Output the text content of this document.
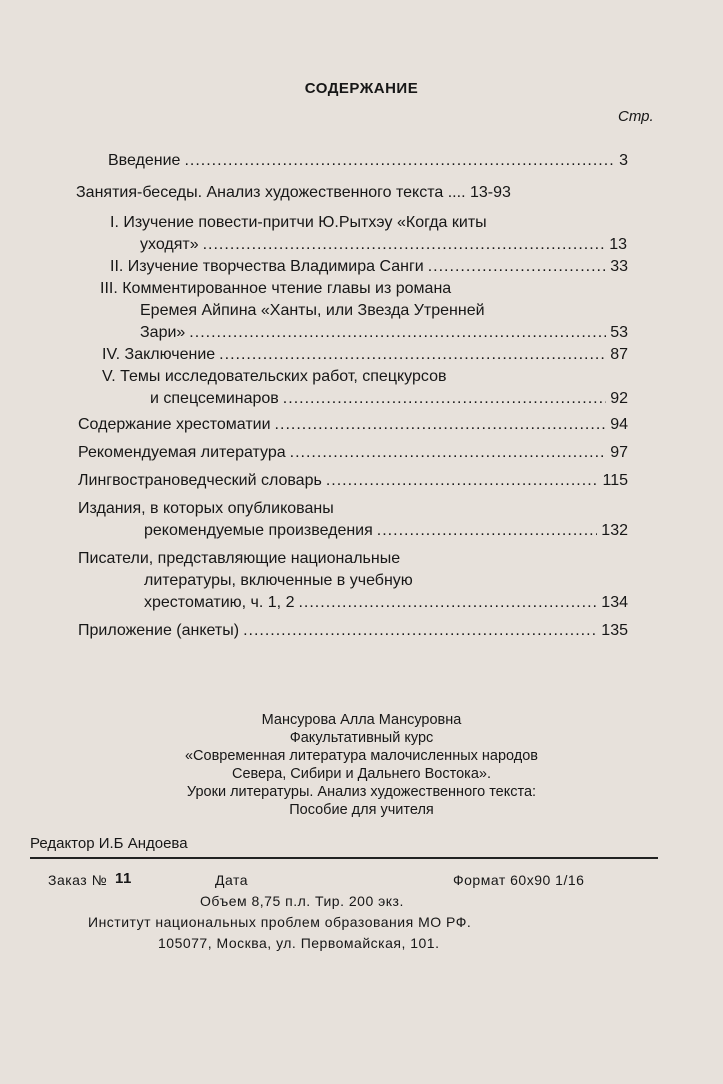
СОДЕРЖАНИЕ
Стр.
Введение .....	3
Занятия-беседы. Анализ художественного текста .... 13-93
I. Изучение повести-притчи Ю.Рытхэу «Когда киты
уходят» .....	13
II. Изучение творчества Владимира Санги .....	33
III. Комментированное чтение главы из романа
Еремея Айпина «Ханты, или Звезда Утренней
Зари» .....	53
IV. Заключение .....	87
V. Темы исследовательских работ, спецкурсов
и спецсеминаров .....	92
Содержание хрестоматии .....	94
Рекомендуемая литература .....	97
Лингвострановедческий словарь .....	115
Издания, в которых опубликованы
рекомендуемые произведения .....	132
Писатели, представляющие национальные
литературы, включенные в учебную
хрестоматию, ч. 1, 2 .....	134
Приложение (анкеты) .....	135
Мансурова Алла Мансуровна
Факультативный курс
«Современная литература малочисленных народов
Севера, Сибири и Дальнего Востока».
Уроки литературы. Анализ художественного текста:
Пособие для учителя
Редактор И.Б Андоева
Заказ № 11	Дата	Формат 60х90 1/16
Объем 8,75 п.л. Тир. 200 экз.
Институт национальных проблем образования МО РФ.
105077, Москва, ул. Первомайская, 101.
